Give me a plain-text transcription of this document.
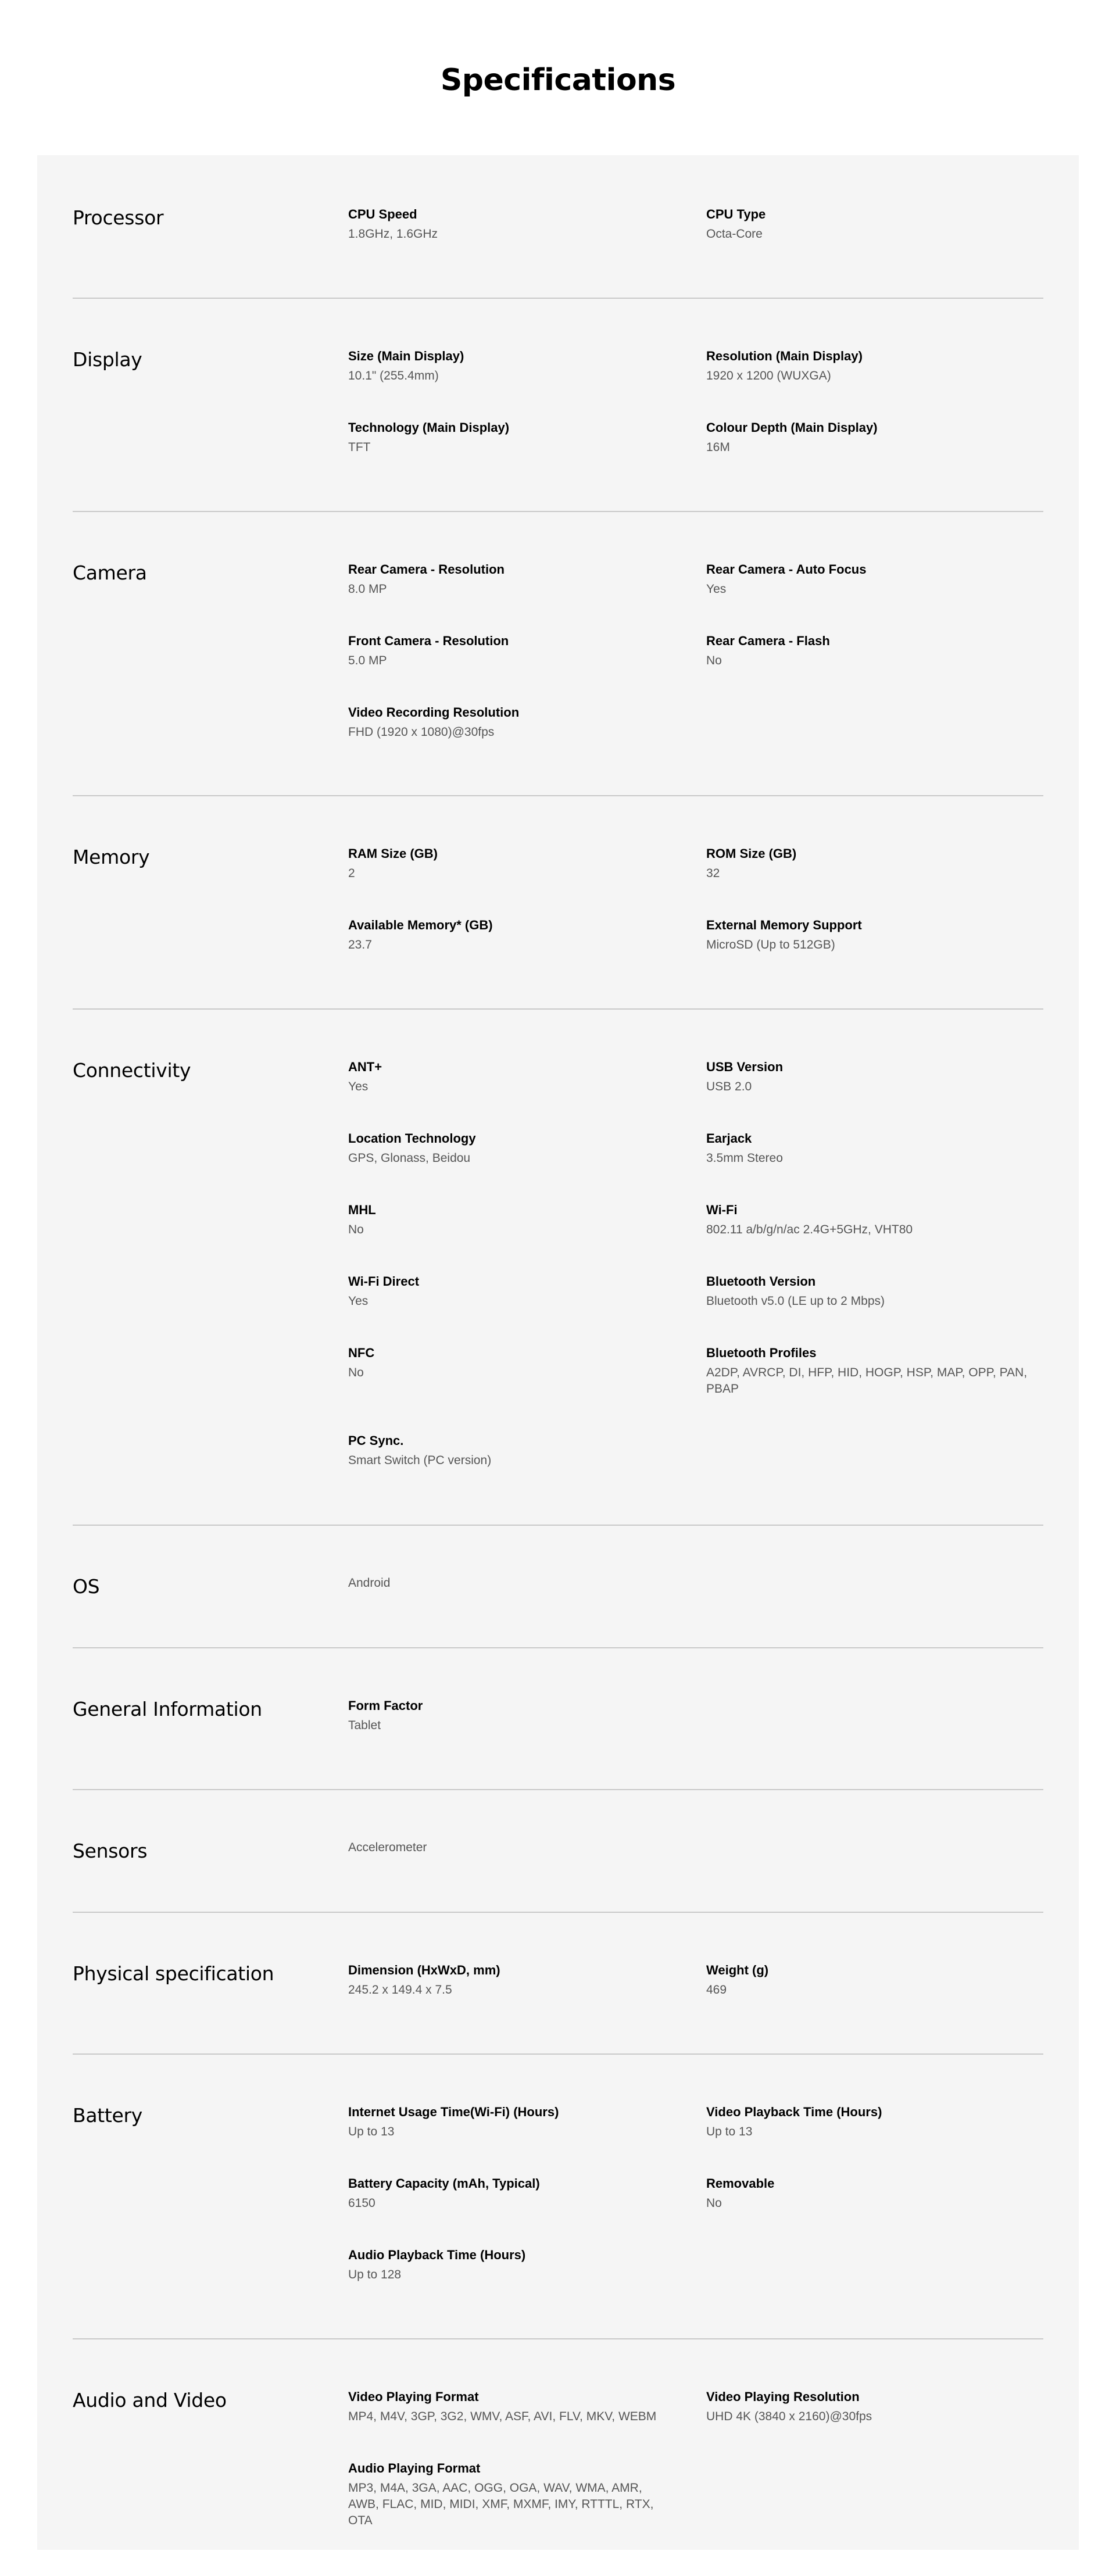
Specifications
Processor	CPU Speed
1.8GHz, 1.6GHz
CPU Type
Octa-Core
Display	Size (Main Display)
10.1" (255.4mm)
Resolution (Main Display)
1920 x 1200 (WUXGA)
Technology (Main Display)
TFT
Colour Depth (Main Display)
16M
Camera	Rear Camera - Resolution
8.0 MP
Rear Camera - Auto Focus
Yes
Front Camera - Resolution
5.0 MP
Rear Camera - Flash
No
Video Recording Resolution
FHD (1920 x 1080)@30fps
Memory	RAM Size (GB)
2
ROM Size (GB)
32
Available Memory* (GB)
23.7
External Memory Support
MicroSD (Up to 512GB)
Connectivity	ANT+
Yes
USB Version
USB 2.0
Location Technology
GPS, Glonass, Beidou
Earjack
3.5mm Stereo
MHL
No
Wi-Fi
802.11 a/b/g/n/ac 2.4G+5GHz, VHT80
Wi-Fi Direct
Yes
Bluetooth Version
Bluetooth v5.0 (LE up to 2 Mbps)
NFC
No
Bluetooth Profiles
A2DP, AVRCP, DI, HFP, HID, HOGP, HSP, MAP, OPP, PAN, PBAP
PC Sync.
Smart Switch (PC version)
OS	Android
General Information	Form Factor
Tablet
Sensors	Accelerometer
Physical specification	Dimension (HxWxD, mm)
245.2 x 149.4 x 7.5
Weight (g)
469
Battery	Internet Usage Time(Wi-Fi) (Hours)
Up to 13
Video Playback Time (Hours)
Up to 13
Battery Capacity (mAh, Typical)
6150
Removable
No
Audio Playback Time (Hours)
Up to 128
Audio and Video	Video Playing Format
MP4, M4V, 3GP, 3G2, WMV, ASF, AVI, FLV, MKV, WEBM
Video Playing Resolution
UHD 4K (3840 x 2160)@30fps
Audio Playing Format
MP3, M4A, 3GA, AAC, OGG, OGA, WAV, WMA, AMR, AWB, FLAC, MID, MIDI, XMF, MXMF, IMY, RTTTL, RTX, OTA
